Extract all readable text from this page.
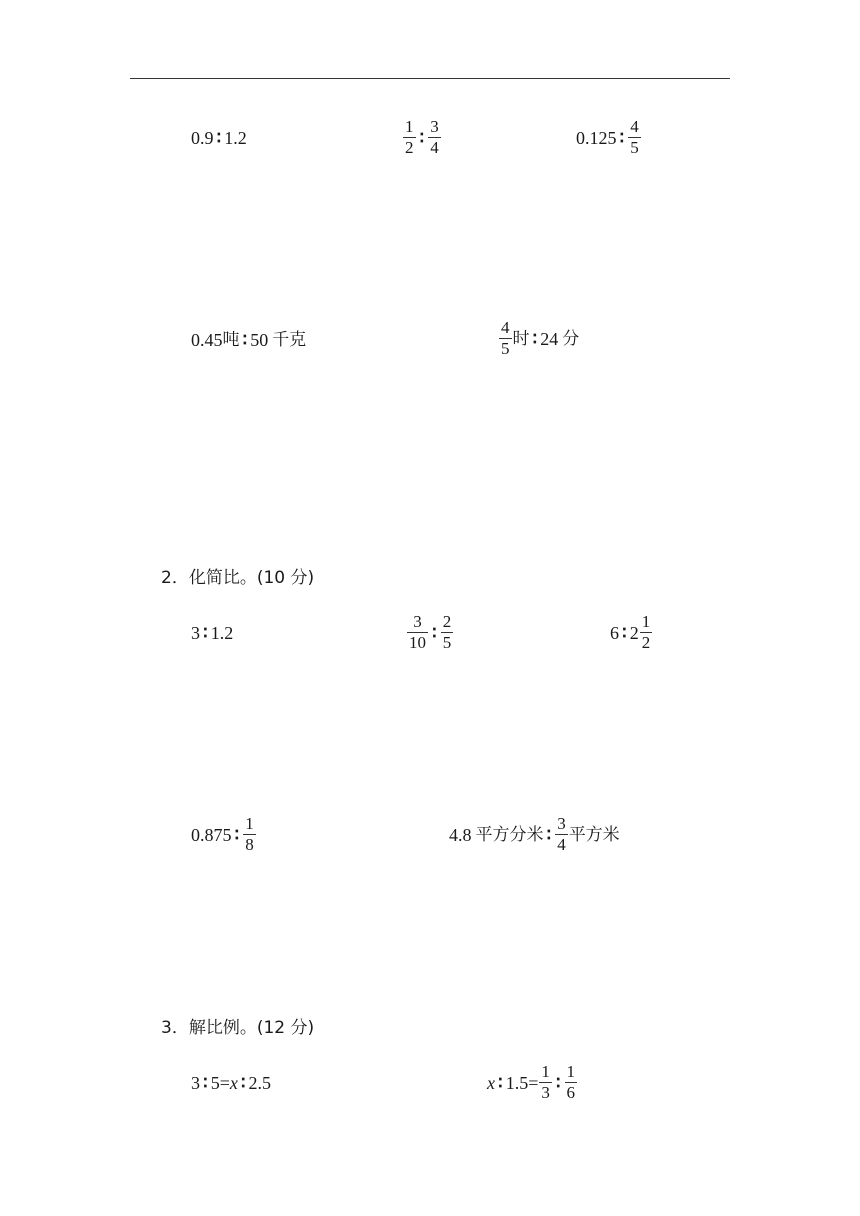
0.9 ∶ 1.2	$\frac{1}{2}$ ∶ $\frac{3}{4}$	0.125 ∶ $\frac{4}{5}$
0.45 吨 ∶ 50 千克	$\frac{4}{5}$ 时 ∶ 24 分
2．化简比。(10 分)
3 ∶ 1.2	$\frac{3}{10}$ ∶ $\frac{2}{5}$	6 ∶ $2 \frac{1}{2}$
0.875 ∶ $\frac{1}{8}$	4.8 平方分米 ∶ $\frac{3}{4}$ 平方米
3．解比例。(12 分)
3 ∶ 5 = x ∶ 2.5	x ∶ $1.5 = \frac{1}{3}$ ∶ $\frac{1}{6}$
